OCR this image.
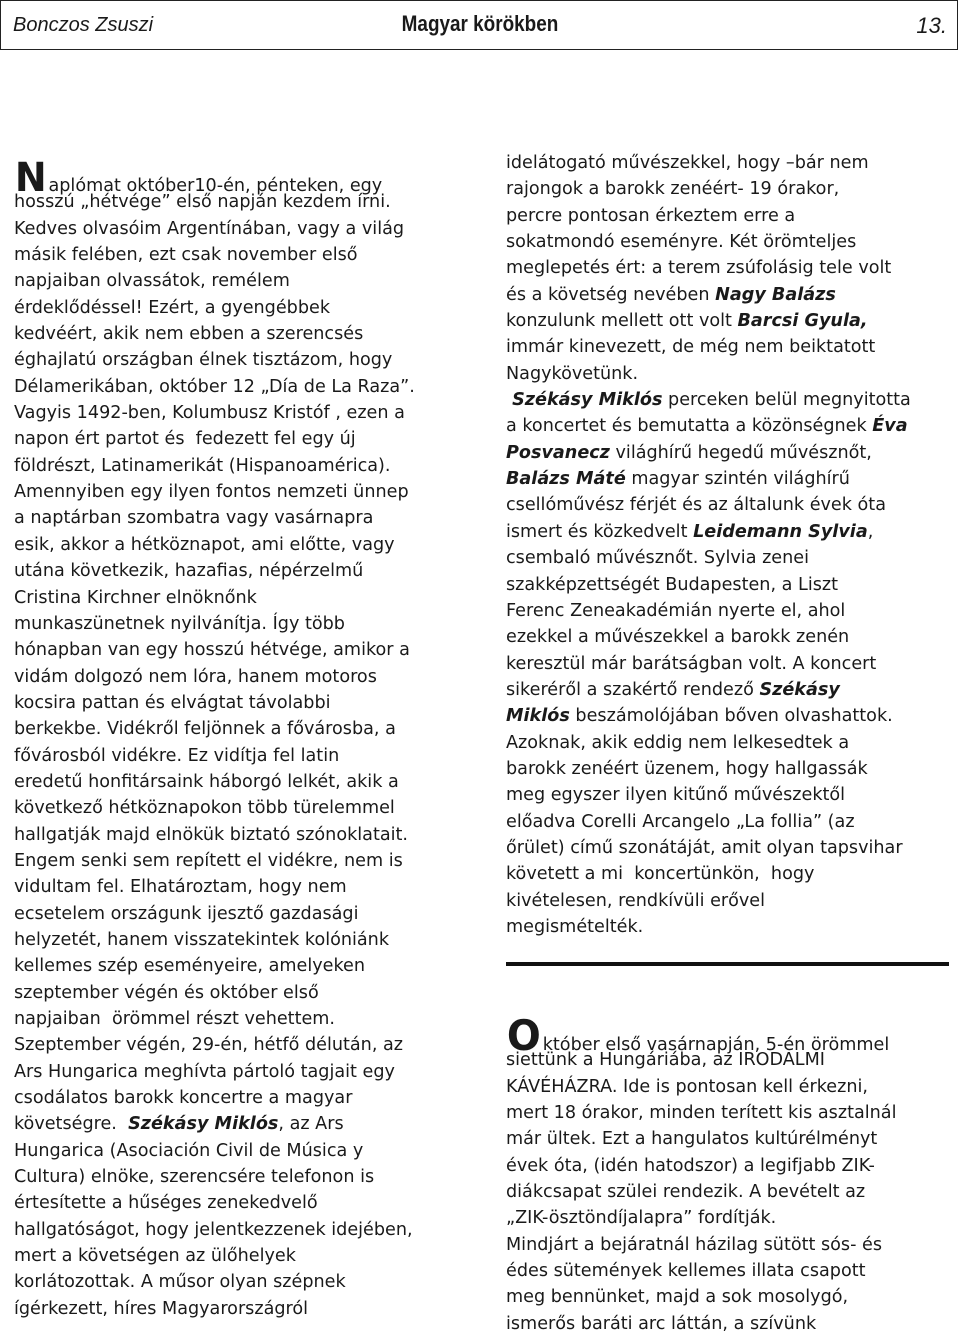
Bonczos Zsuszi	Magyar körökben	13.
Naplómat október10-én, pénteken, egy
hosszú „hétvége” első napján kezdem írni.
Kedves olvasóim Argentínában, vagy a világ
másik felében, ezt csak november első
napjaiban olvassátok, remélem
érdeklődéssel! Ezért, a gyengébbek
kedvéért, akik nem ebben a szerencsés
éghajlatú országban élnek tisztázom, hogy
Délamerikában, október 12 „Día de La Raza”.
Vagyis 1492-ben, Kolumbusz Kristóf , ezen a
napon ért partot és  fedezett fel egy új
földrészt, Latinamerikát (Hispanoamérica).
Amennyiben egy ilyen fontos nemzeti ünnep
a naptárban szombatra vagy vasárnapra
esik, akkor a hétköznapot, ami előtte, vagy
utána következik, hazafias, népérzelmű
Cristina Kirchner elnöknőnk
munkaszünetnek nyilvánítja. Így több
hónapban van egy hosszú hétvége, amikor a
vidám dolgozó nem lóra, hanem motoros
kocsira pattan és elvágtat távolabbi
berkekbe. Vidékről feljönnek a fővárosba, a
fővárosból vidékre. Ez vidítja fel latin
eredetű honfitársaink háborgó lelkét, akik a
következő hétköznapokon több türelemmel
hallgatják majd elnökük biztató szónoklatait.
Engem senki sem repített el vidékre, nem is
vidultam fel. Elhatároztam, hogy nem
ecsetelem országunk ijesztő gazdasági
helyzetét, hanem visszatekintek kolóniánk
kellemes szép eseményeire, amelyeken
szeptember végén és október első
napjaiban  örömmel részt vehettem.
Szeptember végén, 29-én, hétfő délután, az
Ars Hungarica meghívta pártoló tagjait egy
csodálatos barokk koncertre a magyar
követségre.  Székásy Miklós, az Ars
Hungarica (Asociación Civil de Música y
Cultura) elnöke, szerencsére telefonon is
értesítette a hűséges zenekedvelő
hallgatóságot, hogy jelentkezzenek idejében,
mert a követségen az ülőhelyek
korlátozottak. A műsor olyan szépnek
ígérkezett, híres Magyarországról
idelátogató művészekkel, hogy –bár nem
rajongok a barokk zenéért- 19 órakor,
percre pontosan érkeztem erre a
sokatmondó eseményre. Két örömteljes
meglepetés ért: a terem zsúfolásig tele volt
és a követség nevében Nagy Balázs
konzulunk mellett ott volt Barcsi Gyula,
immár kinevezett, de még nem beiktatott
Nagykövetünk.
Székásy Miklós perceken belül megnyitotta
a koncertet és bemutatta a közönségnek Éva
Posvanecz világhírű hegedű művésznőt,
Balázs Máté magyar szintén világhírű
csellóművész férjét és az általunk évek óta
ismert és közkedvelt Leidemann Sylvia,
csembaló művésznőt. Sylvia zenei
szakképzettségét Budapesten, a Liszt
Ferenc Zeneakadémián nyerte el, ahol
ezekkel a művészekkel a barokk zenén
keresztül már barátságban volt. A koncert
sikeréről a szakértő rendező Székásy
Miklós beszámolójában bőven olvashattok.
Azoknak, akik eddig nem lelkesedtek a
barokk zenéért üzenem, hogy hallgassák
meg egyszer ilyen kitűnő művészektől
előadva Corelli Arcangelo „La follia” (az
őrület) című szonátáját, amit olyan tapsvihar
követett a mi  koncertünkön,  hogy
kivételesen, rendkívüli erővel
megismételték.
Október első vasárnapján, 5-én örömmel
siettünk a Hungáriába, az IRODALMI
KÁVÉHÁZRA. Ide is pontosan kell érkezni,
mert 18 órakor, minden terített kis asztalnál
már ültek. Ezt a hangulatos kultúrélményt
évek óta, (idén hatodszor) a legifjabb ZIK-
diákcsapat szülei rendezik. A bevételt az
„ZIK-ösztöndíjalapra” fordítják.
Mindjárt a bejáratnál házilag sütött sós- és
édes sütemények kellemes illata csapott
meg bennünket, majd a sok mosolygó,
ismerős baráti arc láttán, a szívünk
